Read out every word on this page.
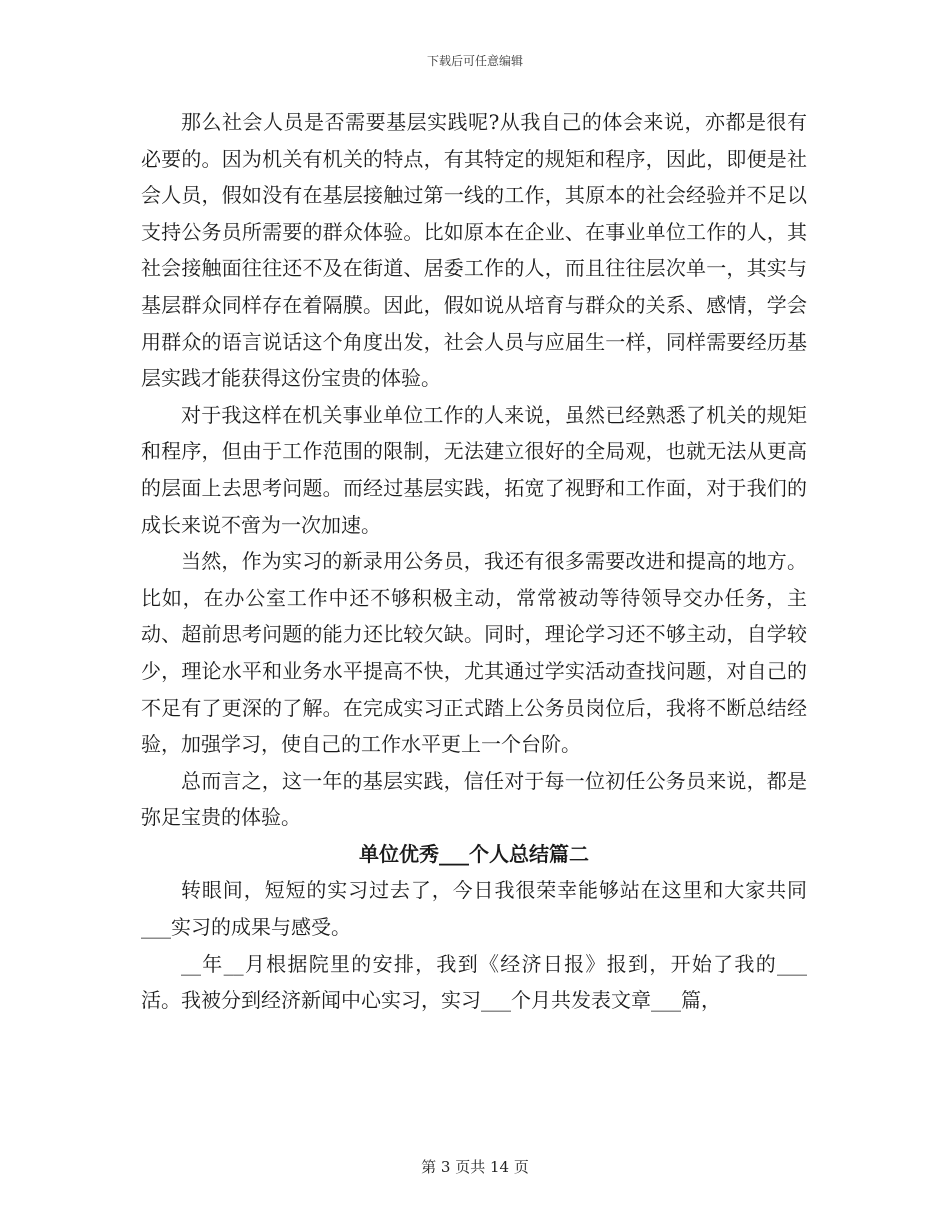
下载后可任意编辑

那么社会人员是否需要基层实践呢?从我自己的体会来说，亦都是很有必要的。因为机关有机关的特点，有其特定的规矩和程序，因此，即便是社会人员，假如没有在基层接触过第一线的工作，其原本的社会经验并不足以支持公务员所需要的群众体验。比如原本在企业、在事业单位工作的人，其社会接触面往往还不及在街道、居委工作的人，而且往往层次单一，其实与基层群众同样存在着隔膜。因此，假如说从培育与群众的关系、感情，学会用群众的语言说话这个角度出发，社会人员与应届生一样，同样需要经历基层实践才能获得这份宝贵的体验。

对于我这样在机关事业单位工作的人来说，虽然已经熟悉了机关的规矩和程序，但由于工作范围的限制，无法建立很好的全局观，也就无法从更高的层面上去思考问题。而经过基层实践，拓宽了视野和工作面，对于我们的成长来说不啻为一次加速。

当然，作为实习的新录用公务员，我还有很多需要改进和提高的地方。比如，在办公室工作中还不够积极主动，常常被动等待领导交办任务，主动、超前思考问题的能力还比较欠缺。同时，理论学习还不够主动，自学较少，理论水平和业务水平提高不快，尤其通过学实活动查找问题，对自己的不足有了更深的了解。在完成实习正式踏上公务员岗位后，我将不断总结经验，加强学习，使自己的工作水平更上一个台阶。

总而言之，这一年的基层实践，信任对于每一位初任公务员来说，都是弥足宝贵的体验。

单位优秀___个人总结篇二

转眼间，短短的实习过去了，今日我很荣幸能够站在这里和大家共同___实习的成果与感受。

__年__月根据院里的安排，我到《经济日报》报到，开始了我的___活。我被分到经济新闻中心实习，实习___个月共发表文章___篇，

第 3 页共 14 页
